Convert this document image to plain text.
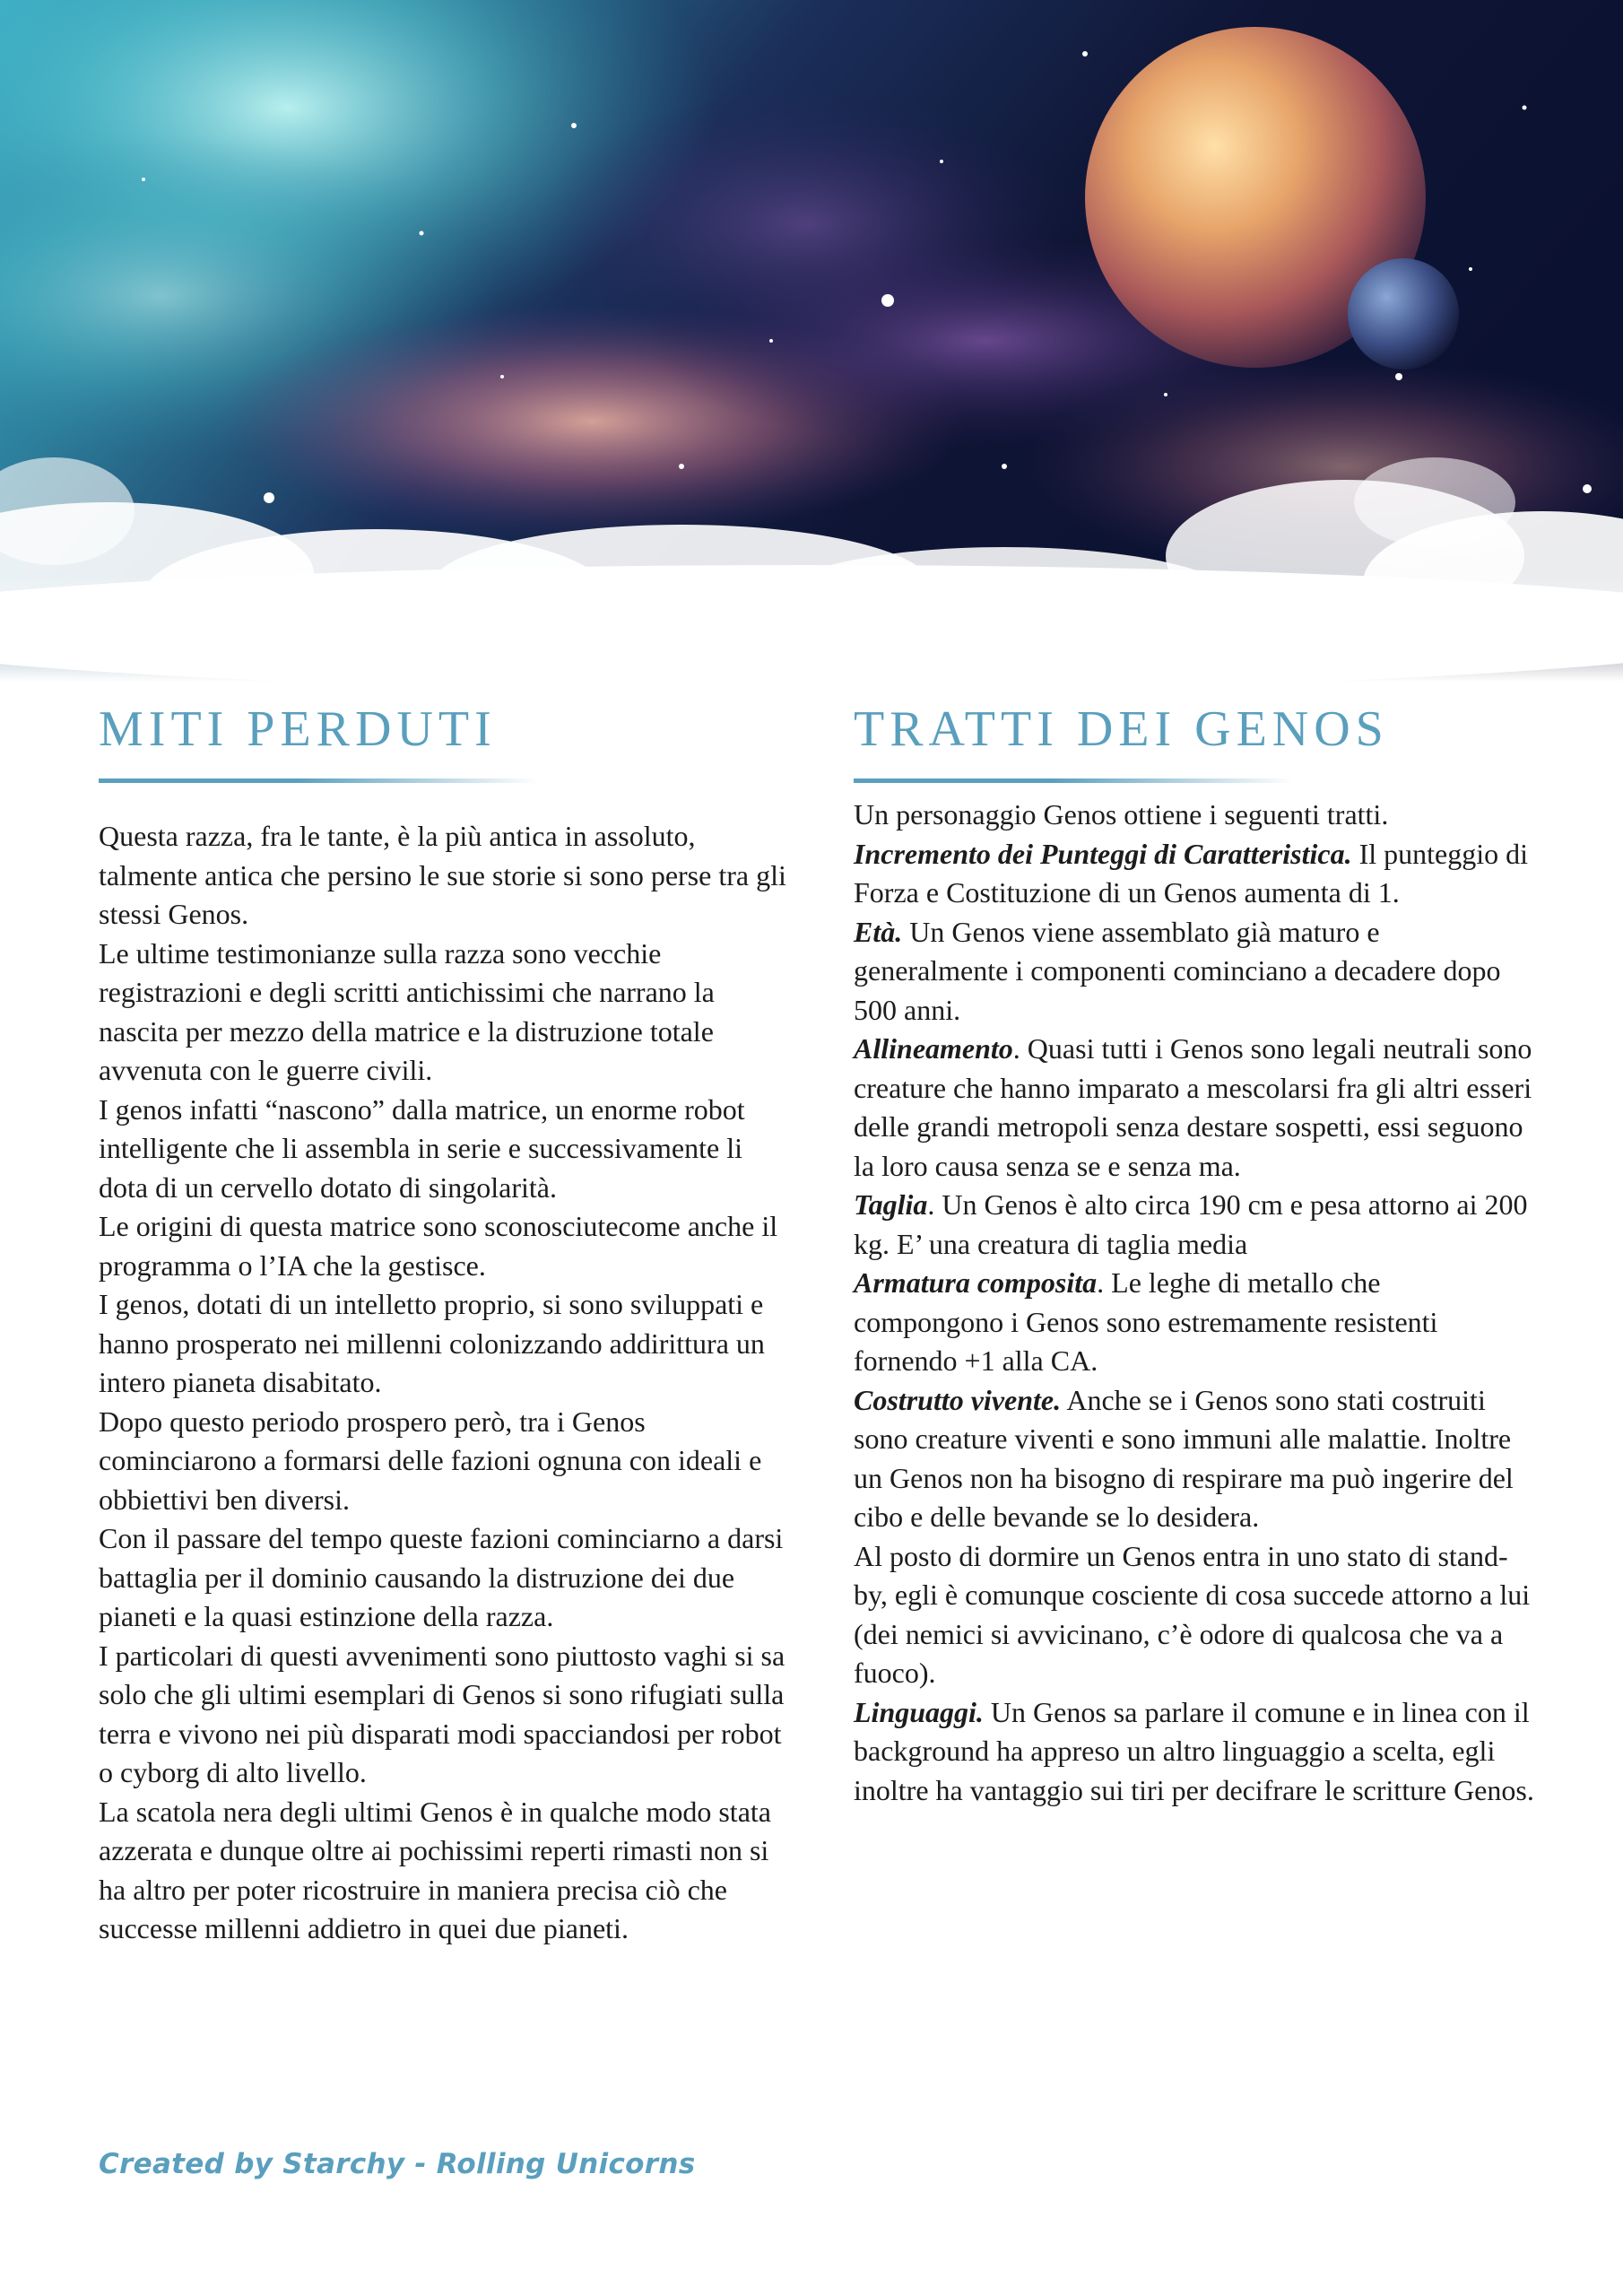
MITI PERDUTI

Questa razza, fra le tante, è la più antica in assoluto, talmente antica che persino le sue storie si sono perse tra gli stessi Genos.

Le ultime testimonianze sulla razza sono vecchie registrazioni e degli scritti antichissimi che narrano la nascita per mezzo della matrice e la distruzione totale avvenuta con le guerre civili.

I genos infatti “nascono” dalla matrice, un enorme robot intelligente che li assembla in serie e successivamente li dota di un cervello dotato di singolarità.

Le origini di questa matrice sono sconosciutecome anche il programma o l’IA che la gestisce.

I genos, dotati di un intelletto proprio, si sono sviluppati e hanno prosperato nei millenni colonizzando addirittura un intero pianeta disabitato.

Dopo questo periodo prospero però, tra i Genos cominciarono a formarsi delle fazioni ognuna con ideali e obbiettivi ben diversi.

Con il passare del tempo queste fazioni cominciarno a darsi battaglia per il dominio causando la distruzione dei due pianeti e la quasi estinzione della razza.

I particolari di questi avvenimenti sono piuttosto vaghi si sa solo che gli ultimi esemplari di Genos si sono rifugiati sulla terra e vivono nei più disparati modi spacciandosi per robot o cyborg di alto livello.

La scatola nera degli ultimi Genos è in qualche modo stata azzerata e dunque oltre ai pochissimi reperti rimasti non si ha altro per poter ricostruire in maniera precisa ciò che successe millenni addietro in quei due pianeti.

TRATTI DEI GENOS

Un personaggio Genos ottiene i seguenti tratti.

Incremento dei Punteggi di Caratteristica. Il punteggio di Forza e Costituzione di un Genos aumenta di 1.

Età. Un Genos viene assemblato già maturo e generalmente i componenti cominciano a decadere dopo 500 anni.

Allineamento. Quasi tutti i Genos sono legali neutrali sono creature che hanno imparato a mescolarsi fra gli altri esseri delle grandi metropoli senza destare sospetti, essi seguono la loro causa senza se e senza ma.

Taglia. Un Genos è alto circa 190 cm e pesa attorno ai 200 kg. E’ una creatura di taglia media

Armatura composita. Le leghe di metallo che compongono i Genos sono estremamente resistenti fornendo +1 alla CA.

Costrutto vivente. Anche se i Genos sono stati costruiti sono creature viventi e sono immuni alle malattie. Inoltre un Genos non ha bisogno di respirare ma può ingerire del cibo e delle bevande se lo desidera.

Al posto di dormire un Genos entra in uno stato di stand-by, egli è comunque cosciente di cosa succede attorno a lui (dei nemici si avvicinano, c’è odore di qualcosa che va a fuoco).

Linguaggi. Un Genos sa parlare il comune e in linea con il background ha appreso un altro linguaggio a scelta, egli inoltre ha vantaggio sui tiri per decifrare le scritture Genos.

Created by Starchy - Rolling Unicorns
